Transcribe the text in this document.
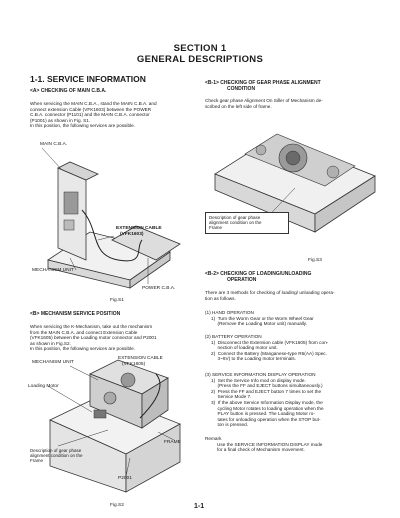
SECTION 1
GENERAL DESCRIPTIONS
1-1. SERVICE INFORMATION
<A> CHECKING OF MAIN C.B.A.
When servicing the MAIN C.B.A., stand the MAIN C.B.A. and
connect extension Cable (VFK1603) between the POWER
C.B.A. connector (P1101) and the MAIN C.B.A. connector
(P1001) as shown in Fig. S1.
In this position, the following services are possible.
MAIN C.B.A.
EXTENSION CABLE
(VFK1603)
MECHANISM UNIT
POWER C.B.A.
Fig.S1
<B> MECHANISM SERVICE POSITION
When servicing the K-Mechanism, take out the mechanism
from the MAIN C.B.A. and connect Extension Cable
(VFK1605) between the Loading motor connector and P2001
as shown in Fig.S2.
In this position, the following services are possible.
MECHANISM UNIT
EXTENSION CABLE
(VFK1605)
Loading Motor
FRAME
P2001
Description of gear phase
alignment condition on the
Frame
Fig.S2
<B-1> CHECKING OF GEAR PHASE ALIGNMENT
CONDITION
Check gear phase Alignment On Siller of Mechanism de-
scribed on the left side of frame.
Description of gear phase
alignment condition on the
Frame
Fig.S3
<B-2> CHECKING OF LOADING/UNLOADING
OPERATION
There are 3 methods for checking of loading/ unloading opera-
tion as follows.
(1) HAND OPERATION
1)  Turn the Worm Gear or the Worm Wheel Gear
(Remove the Loading Motor unit) manually.
(2) BATTERY OPERATION
1)  Disconnect the Extension cable (VFK1605) from con-
nection of loading motor unit.
2)  Connect the Battery (Manganese-type R6(AA) Spec.
3~6V) to the Loading motor terminals.
(3) SERVICE INFORMATION DISPLAY OPERATION
1)  Set the Service Info mod on display mode.
(Press the FF and EJECT buttons simultaneously.)
2)  Press the FF and EJECT button 7 times to set the
Service Mode 7.
3)  If the above Service Information Display mode, the
cycling Motor rotates to loading operation when the
PLAY button is pressed. The Loading Motor ro-
tates for unloading operation when the STOP but-
ton is pressed.
Remark
Use the SERVICE INFORMATION DISPLAY mode
for a final check of Mechanism movement.
1-1
